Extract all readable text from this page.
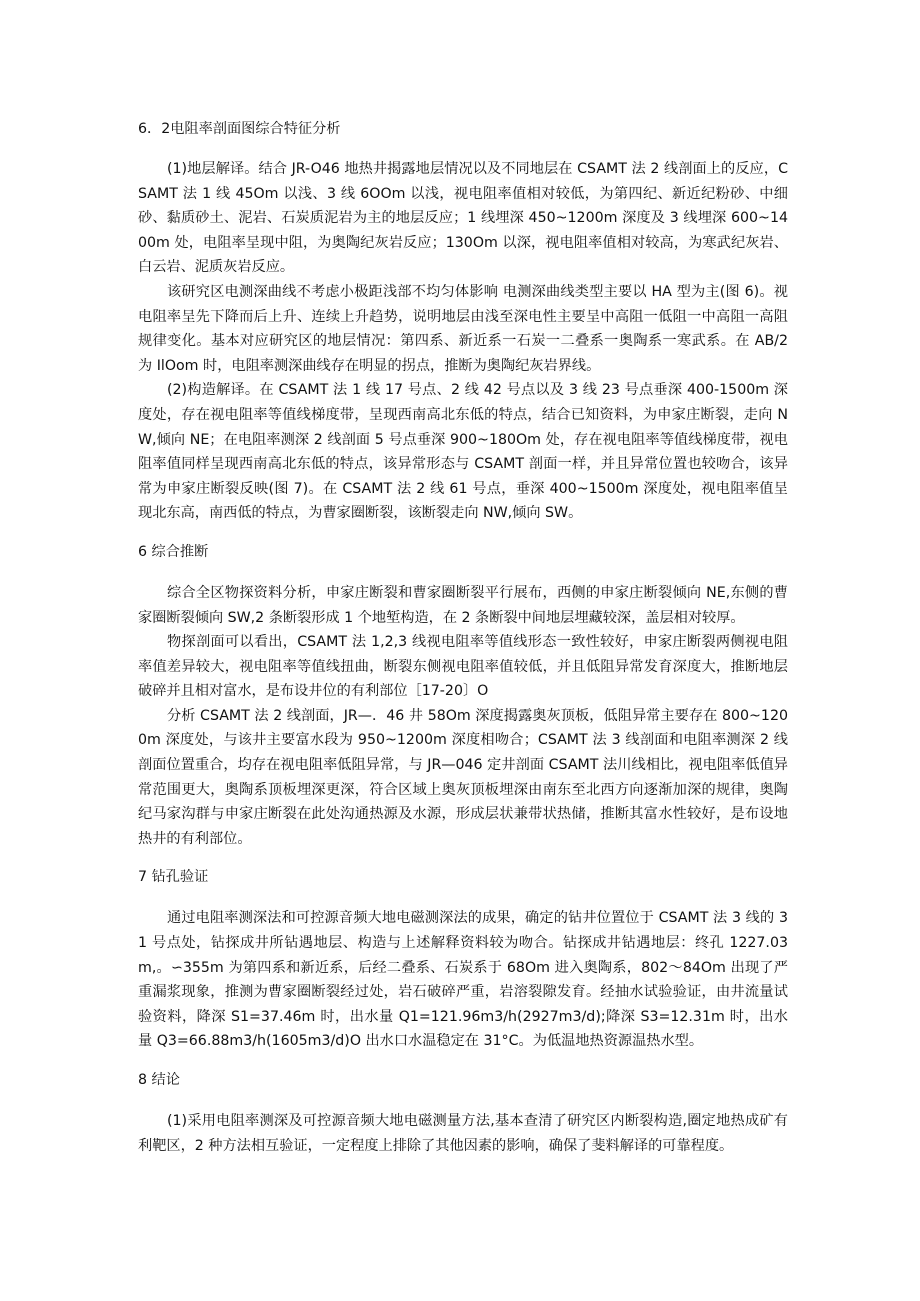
6．2电阻率剖面图综合特征分析

(1)地层解译。结合 JR-O46 地热井揭露地层情况以及不同地层在 CSAMT 法 2 线剖面上的反应，CSAMT 法 1 线 45Om 以浅、3 线 6OOm 以浅，视电阻率值相对较低，为第四纪、新近纪粉砂、中细砂、黏质砂土、泥岩、石炭质泥岩为主的地层反应；1 线埋深 450~1200m 深度及 3 线埋深 600~1400m 处，电阻率呈现中阻，为奥陶纪灰岩反应；130Om 以深，视电阻率值相对较高，为寒武纪灰岩、白云岩、泥质灰岩反应。

该研究区电测深曲线不考虑小极距浅部不均匀体影响 电测深曲线类型主要以 HA 型为主(图 6)。视电阻率呈先下降而后上升、连续上升趋势，说明地层由浅至深电性主要呈中高阻一低阻一中高阻一高阻规律变化。基本对应研究区的地层情况：第四系、新近系一石炭一二叠系一奥陶系一寒武系。在 AB/2 为 IlOom 时，电阻率测深曲线存在明显的拐点，推断为奥陶纪灰岩界线。

(2)构造解译。在 CSAMT 法 1 线 17 号点、2 线 42 号点以及 3 线 23 号点垂深 400-1500m 深度处，存在视电阻率等值线梯度带，呈现西南高北东低的特点，结合已知资料，为申家庄断裂，走向 NW,倾向 NE；在电阻率测深 2 线剖面 5 号点垂深 900~180Om 处，存在视电阻率等值线梯度带，视电阻率值同样呈现西南高北东低的特点，该异常形态与 CSAMT 剖面一样，并且异常位置也较吻合，该异常为申家庄断裂反映(图 7)。在 CSAMT 法 2 线 61 号点，垂深 400~1500m 深度处，视电阻率值呈现北东高，南西低的特点，为曹家圈断裂，该断裂走向 NW,倾向 SW。

6 综合推断

综合全区物探资料分析，申家庄断裂和曹家圈断裂平行展布，西侧的申家庄断裂倾向 NE,东侧的曹家圈断裂倾向 SW,2 条断裂形成 1 个地堑构造，在 2 条断裂中间地层埋藏较深，盖层相对较厚。

物探剖面可以看出，CSAMT 法 1,2,3 线视电阻率等值线形态一致性较好，申家庄断裂两侧视电阻率值差异较大，视电阻率等值线扭曲，断裂东侧视电阻率值较低，并且低阻异常发育深度大，推断地层破碎并且相对富水，是布设井位的有利部位［17-20〕O

分析 CSAMT 法 2 线剖面，JR—．46 井 58Om 深度揭露奥灰顶板，低阻异常主要存在 800~1200m 深度处，与该井主要富水段为 950~1200m 深度相吻合；CSAMT 法 3 线剖面和电阻率测深 2 线剖面位置重合，均存在视电阻率低阻异常，与 JR—046 定井剖面 CSAMT 法川线相比，视电阻率低值异常范围更大，奥陶系顶板埋深更深，符合区域上奥灰顶板埋深由南东至北西方向逐渐加深的规律，奥陶纪马家沟群与申家庄断裂在此处沟通热源及水源，形成层状兼带状热储，推断其富水性较好，是布设地热井的有利部位。

7 钻孔验证

通过电阻率测深法和可控源音频大地电磁测深法的成果，确定的钻井位置位于 CSAMT 法 3 线的 31 号点处，钻探成井所钻遇地层、构造与上述解释资料较为吻合。钻探成井钻遇地层：终孔 1227.03m,。∽355m 为第四系和新近系，后经二叠系、石炭系于 68Om 进入奥陶系，802～84Om 出现了严重漏浆现象，推测为曹家圈断裂经过处，岩石破碎严重，岩溶裂隙发育。经抽水试验验证，由井流量试验资料，降深 S1=37.46m 时，出水量 Q1=121.96m3∕h(2927m3∕d);降深 S3=12.31m 时，出水量 Q3=66.88m3/h(1605m3/d)O 出水口水温稳定在 31°C。为低温地热资源温热水型。

8 结论

(1)采用电阻率测深及可控源音频大地电磁测量方法,基本查清了研究区内断裂构造,圈定地热成矿有利靶区，2 种方法相互验证，一定程度上排除了其他因素的影响，确保了斐料解译的可靠程度。
